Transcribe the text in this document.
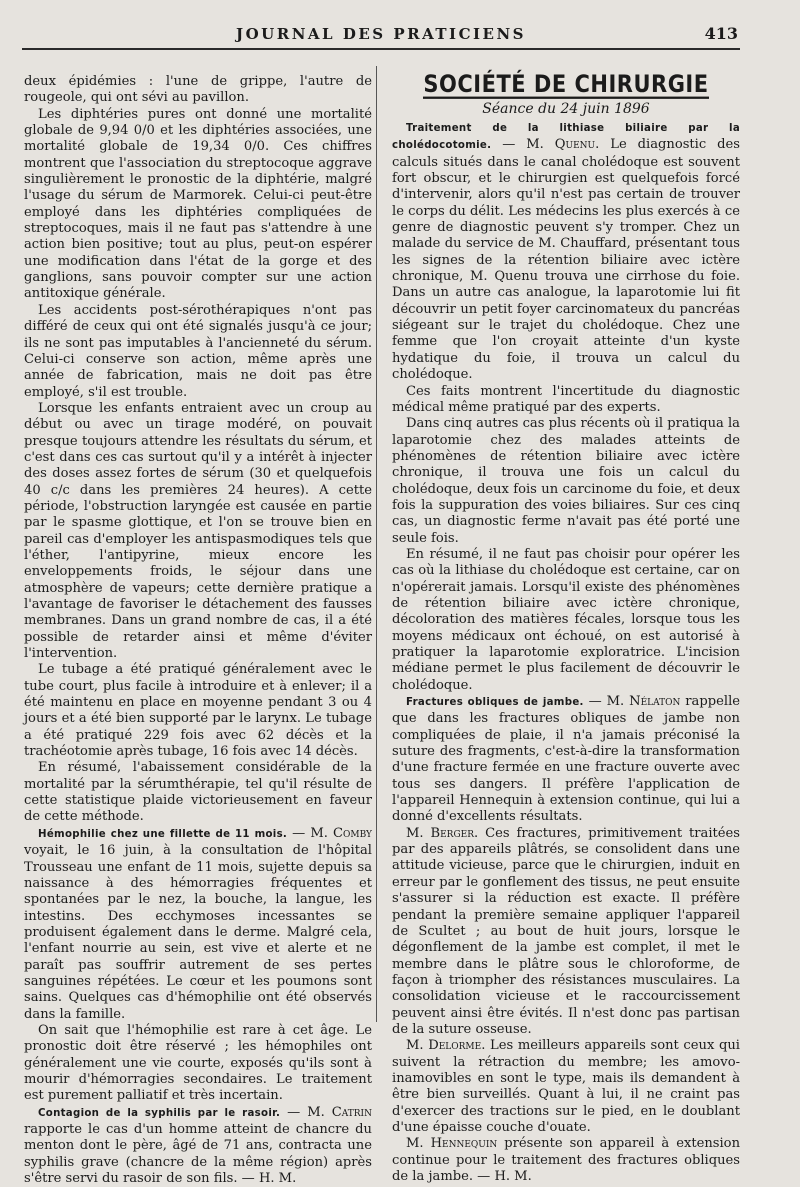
JOURNAL DES PRATICIENS	413

deux épidémies : l'une de grippe, l'autre de rougeole, qui ont sévi au pavillon.

Les diphtéries pures ont donné une mortalité globale de 9,94 0/0 et les diphtéries associées, une mortalité globale de 19,34 0/0. Ces chiffres montrent que l'association du streptocoque aggrave singulièrement le pronostic de la diphtérie, malgré l'usage du sérum de Marmorek. Celui-ci peut-être employé dans les diphtéries compliquées de streptocoques, mais il ne faut pas s'attendre à une action bien positive; tout au plus, peut-on espérer une modification dans l'état de la gorge et des ganglions, sans pouvoir compter sur une action antitoxique générale.

Les accidents post-sérothérapiques n'ont pas différé de ceux qui ont été signalés jusqu'à ce jour; ils ne sont pas imputables à l'ancienneté du sérum. Celui-ci conserve son action, même après une année de fabrication, mais ne doit pas être employé, s'il est trouble.

Lorsque les enfants entraient avec un croup au début ou avec un tirage modéré, on pouvait presque toujours attendre les résultats du sérum, et c'est dans ces cas surtout qu'il y a intérêt à injecter des doses assez fortes de sérum (30 et quelquefois 40 c/c dans les premières 24 heures). A cette période, l'obstruction laryngée est causée en partie par le spasme glottique, et l'on se trouve bien en pareil cas d'employer les antispasmodiques tels que l'éther, l'antipyrine, mieux encore les enveloppements froids, le séjour dans une atmosphère de vapeurs; cette dernière pratique a l'avantage de favoriser le détachement des fausses membranes. Dans un grand nombre de cas, il a été possible de retarder ainsi et même d'éviter l'intervention.

Le tubage a été pratiqué généralement avec le tube court, plus facile à introduire et à enlever; il a été maintenu en place en moyenne pendant 3 ou 4 jours et a été bien supporté par le larynx. Le tubage a été pratiqué 229 fois avec 62 décès et la trachéotomie après tubage, 16 fois avec 14 décès.

En résumé, l'abaissement considérable de la mortalité par la sérumthérapie, tel qu'il résulte de cette statistique plaide victorieusement en faveur de cette méthode.

Hémophilie chez une fillette de 11 mois. — M. Comby voyait, le 16 juin, à la consultation de l'hôpital Trousseau une enfant de 11 mois, sujette depuis sa naissance à des hémorragies fréquentes et spontanées par le nez, la bouche, la langue, les intestins. Des ecchymoses incessantes se produisent également dans le derme. Malgré cela, l'enfant nourrie au sein, est vive et alerte et ne paraît pas souffrir autrement de ses pertes sanguines répétées. Le cœur et les poumons sont sains. Quelques cas d'hémophilie ont été observés dans la famille.

On sait que l'hémophilie est rare à cet âge. Le pronostic doit être réservé ; les hémophiles ont généralement une vie courte, exposés qu'ils sont à mourir d'hémorragies secondaires. Le traitement est purement palliatif et très incertain.

Contagion de la syphilis par le rasoir. — M. Catrin rapporte le cas d'un homme atteint de chancre du menton dont le père, âgé de 71 ans, contracta une syphilis grave (chancre de la même région) après s'être servi du rasoir de son fils. — H. M.

SOCIÉTÉ DE CHIRURGIE
Séance du 24 juin 1896

Traitement de la lithiase biliaire par la cholédocotomie. — M. Quenu. Le diagnostic des calculs situés dans le canal cholédoque est souvent fort obscur, et le chirurgien est quelquefois forcé d'intervenir, alors qu'il n'est pas certain de trouver le corps du délit. Les médecins les plus exercés à ce genre de diagnostic peuvent s'y tromper. Chez un malade du service de M. Chauffard, présentant tous les signes de la rétention biliaire avec ictère chronique, M. Quenu trouva une cirrhose du foie. Dans un autre cas analogue, la laparotomie lui fit découvrir un petit foyer carcinomateux du pancréas siégeant sur le trajet du cholédoque. Chez une femme que l'on croyait atteinte d'un kyste hydatique du foie, il trouva un calcul du cholédoque.

Ces faits montrent l'incertitude du diagnostic médical même pratiqué par des experts.

Dans cinq autres cas plus récents où il pratiqua la laparotomie chez des malades atteints de phénomènes de rétention biliaire avec ictère chronique, il trouva une fois un calcul du cholédoque, deux fois un carcinome du foie, et deux fois la suppuration des voies biliaires. Sur ces cinq cas, un diagnostic ferme n'avait pas été porté une seule fois.

En résumé, il ne faut pas choisir pour opérer les cas où la lithiase du cholédoque est certaine, car on n'opérerait jamais. Lorsqu'il existe des phénomènes de rétention biliaire avec ictère chronique, décoloration des matières fécales, lorsque tous les moyens médicaux ont échoué, on est autorisé à pratiquer la laparotomie exploratrice. L'incision médiane permet le plus facilement de découvrir le cholédoque.

Fractures obliques de jambe. — M. Nélaton rappelle que dans les fractures obliques de jambe non compliquées de plaie, il n'a jamais préconisé la suture des fragments, c'est-à-dire la transformation d'une fracture fermée en une fracture ouverte avec tous ses dangers. Il préfère l'application de l'appareil Hennequin à extension continue, qui lui a donné d'excellents résultats.

M. Berger. Ces fractures, primitivement traitées par des appareils plâtrés, se consolident dans une attitude vicieuse, parce que le chirurgien, induit en erreur par le gonflement des tissus, ne peut ensuite s'assurer si la réduction est exacte. Il préfère pendant la première semaine appliquer l'appareil de Scultet ; au bout de huit jours, lorsque le dégonflement de la jambe est complet, il met le membre dans le plâtre sous le chloroforme, de façon à triompher des résistances musculaires. La consolidation vicieuse et le raccourcissement peuvent ainsi être évités. Il n'est donc pas partisan de la suture osseuse.

M. Delorme. Les meilleurs appareils sont ceux qui suivent la rétraction du membre; les amovo-inamovibles en sont le type, mais ils demandent à être bien surveillés. Quant à lui, il ne craint pas d'exercer des tractions sur le pied, en le doublant d'une épaisse couche d'ouate.

M. Hennequin présente son appareil à extension continue pour le traitement des fractures obliques de la jambe. — H. M.
